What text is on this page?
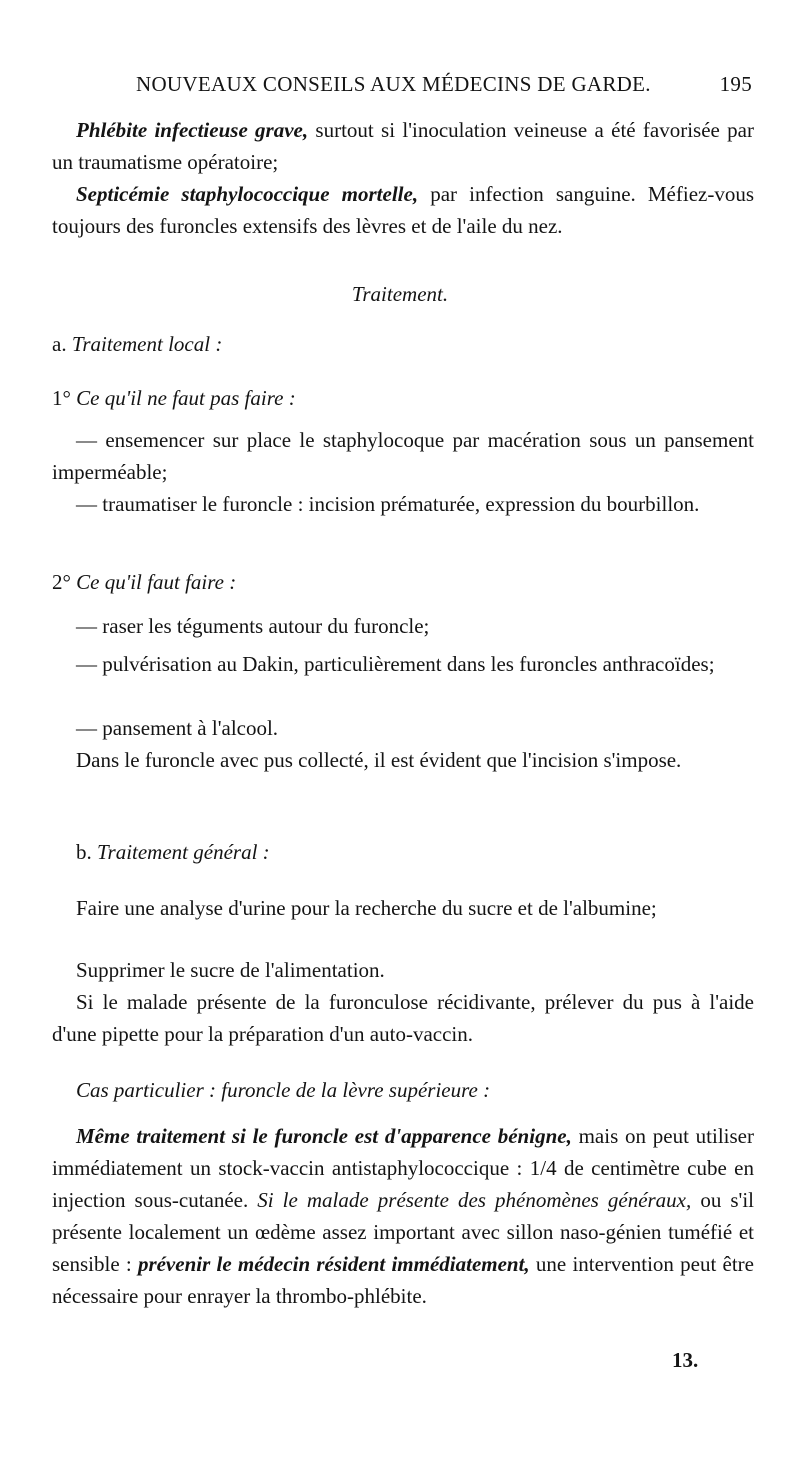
NOUVEAUX CONSEILS AUX MÉDECINS DE GARDE.	195
Phlébite infectieuse grave, surtout si l'inoculation veineuse a été favorisée par un traumatisme opératoire;
Septicémie staphylococcique mortelle, par infection sanguine. Méfiez-vous toujours des furoncles extensifs des lèvres et de l'aile du nez.
Traitement.
a. Traitement local :
1° Ce qu'il ne faut pas faire :
— ensemencer sur place le staphylocoque par macération sous un pansement imperméable;
— traumatiser le furoncle : incision prématurée, expression du bourbillon.
2° Ce qu'il faut faire :
— raser les téguments autour du furoncle;
— pulvérisation au Dakin, particulièrement dans les furoncles anthracoïdes;
— pansement à l'alcool.
Dans le furoncle avec pus collecté, il est évident que l'incision s'impose.
b. Traitement général :
Faire une analyse d'urine pour la recherche du sucre et de l'albumine;
Supprimer le sucre de l'alimentation.
Si le malade présente de la furonculose récidivante, prélever du pus à l'aide d'une pipette pour la préparation d'un auto-vaccin.
Cas particulier : furoncle de la lèvre supérieure :
Même traitement si le furoncle est d'apparence bénigne, mais on peut utiliser immédiatement un stock-vaccin antistaphylococcique : 1/4 de centimètre cube en injection sous-cutanée. Si le malade présente des phénomènes généraux, ou s'il présente localement un œdème assez important avec sillon naso-génien tuméfié et sensible : prévenir le médecin résident immédiatement, une intervention peut être nécessaire pour enrayer la thrombo-phlébite.
13.
